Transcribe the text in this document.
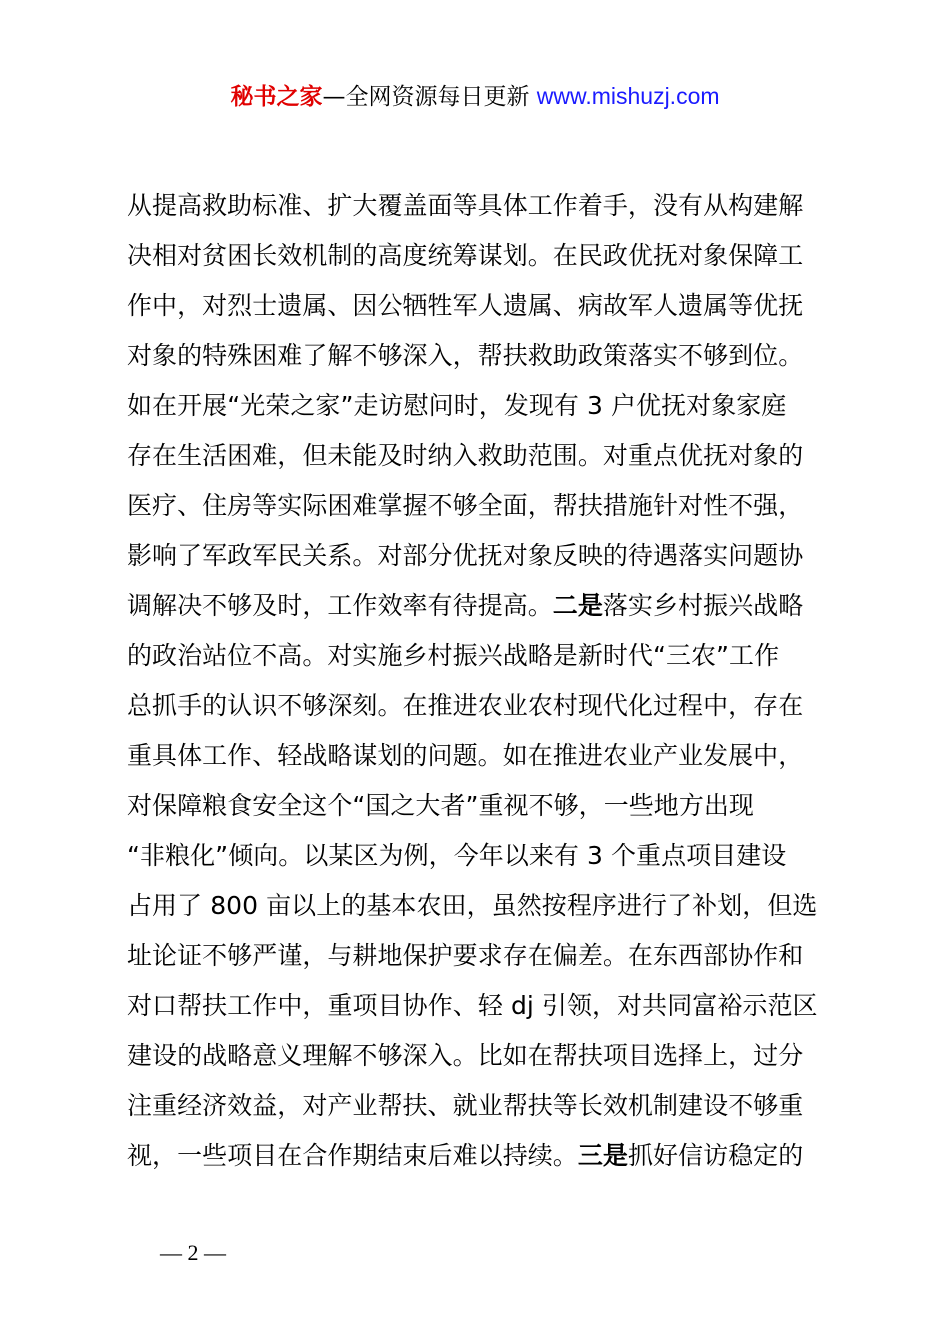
秘书之家—全网资源每日更新 www.mishuzj.com
从提高救助标准、扩大覆盖面等具体工作着手，没有从构建解
决相对贫困长效机制的高度统筹谋划。在民政优抚对象保障工
作中，对烈士遗属、因公牺牲军人遗属、病故军人遗属等优抚
对象的特殊困难了解不够深入，帮扶救助政策落实不够到位。
如在开展“光荣之家”走访慰问时，发现有 3 户优抚对象家庭
存在生活困难，但未能及时纳入救助范围。对重点优抚对象的
医疗、住房等实际困难掌握不够全面，帮扶措施针对性不强，
影响了军政军民关系。对部分优抚对象反映的待遇落实问题协
调解决不够及时，工作效率有待提高。二是落实乡村振兴战略
的政治站位不高。对实施乡村振兴战略是新时代“三农”工作
总抓手的认识不够深刻。在推进农业农村现代化过程中，存在
重具体工作、轻战略谋划的问题。如在推进农业产业发展中，
对保障粮食安全这个“国之大者”重视不够，一些地方出现
“非粮化”倾向。以某区为例，今年以来有 3 个重点项目建设
占用了 800 亩以上的基本农田，虽然按程序进行了补划，但选
址论证不够严谨，与耕地保护要求存在偏差。在东西部协作和
对口帮扶工作中，重项目协作、轻 dj 引领，对共同富裕示范区
建设的战略意义理解不够深入。比如在帮扶项目选择上，过分
注重经济效益，对产业帮扶、就业帮扶等长效机制建设不够重
视，一些项目在合作期结束后难以持续。三是抓好信访稳定的
— 2 —
